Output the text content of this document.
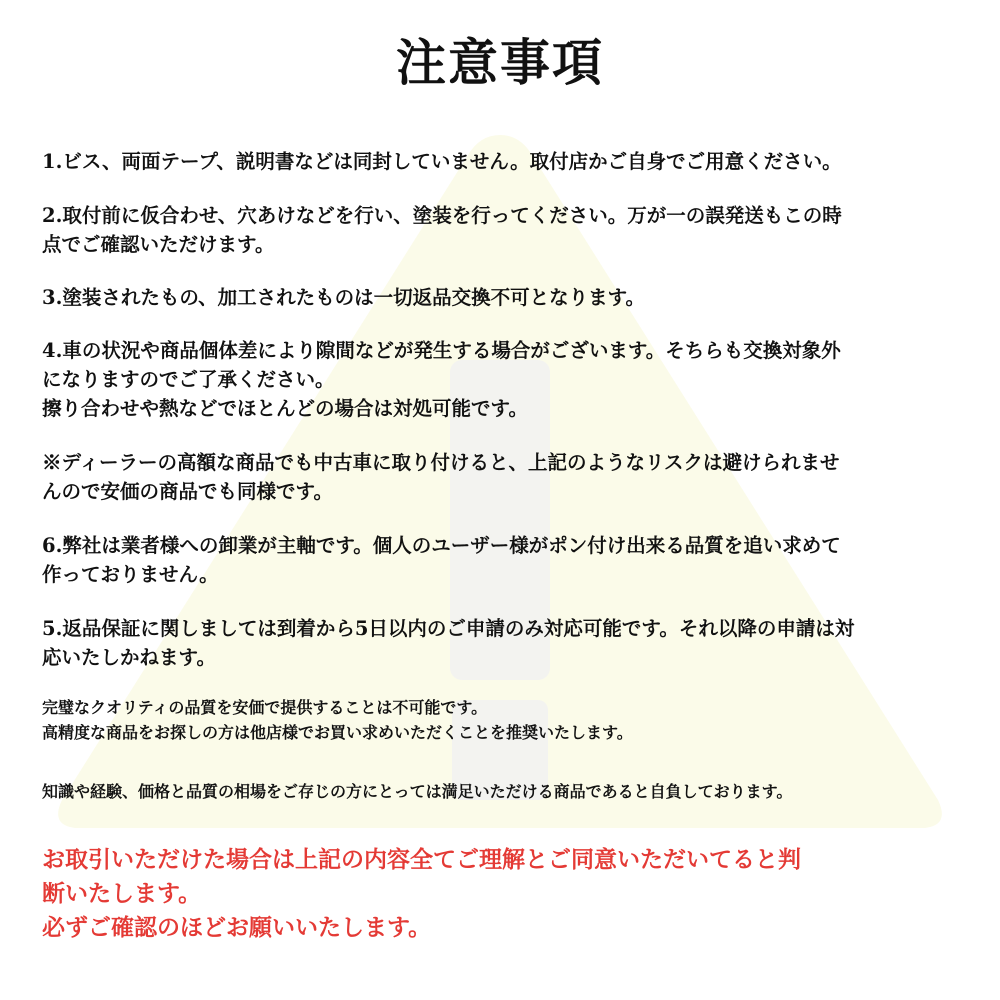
注意事項
1.ビス、両面テープ、説明書などは同封していません。取付店かご自身でご用意ください。
2.取付前に仮合わせ、穴あけなどを行い、塗装を行ってください。万が一の誤発送もこの時
点でご確認いただけます。
3.塗装されたもの、加工されたものは一切返品交換不可となります。
4.車の状況や商品個体差により隙間などが発生する場合がございます。そちらも交換対象外
になりますのでご了承ください。
擦り合わせや熱などでほとんどの場合は対処可能です。
※ディーラーの高額な商品でも中古車に取り付けると、上記のようなリスクは避けられませ
んので安価の商品でも同様です。
6.弊社は業者様への卸業が主軸です。個人のユーザー様がポン付け出来る品質を追い求めて
作っておりません。
5.返品保証に関しましては到着から5日以内のご申請のみ対応可能です。それ以降の申請は対
応いたしかねます。
完璧なクオリティの品質を安価で提供することは不可能です。
高精度な商品をお探しの方は他店様でお買い求めいただくことを推奨いたします。
知識や経験、価格と品質の相場をご存じの方にとっては満足いただける商品であると自負しております。
お取引いただけた場合は上記の内容全てご理解とご同意いただいてると判
断いたします。
必ずご確認のほどお願いいたします。
